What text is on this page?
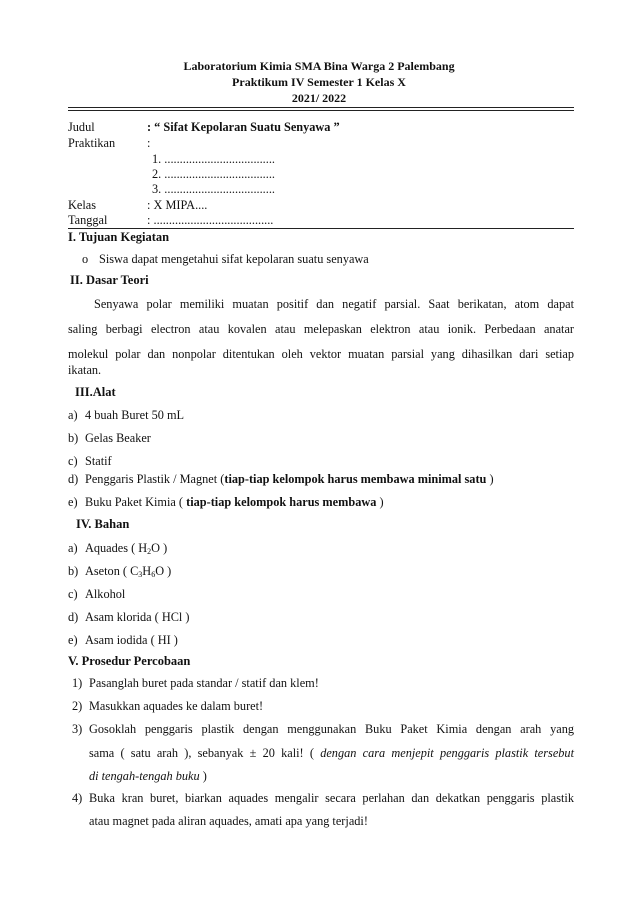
Laboratorium Kimia SMA Bina Warga 2 Palembang
Praktikum IV Semester 1 Kelas X
2021/ 2022
Judul	: “ Sifat Kepolaran Suatu Senyawa ”
Praktikan	:
1. ....................................
2. ....................................
3. ....................................
Kelas	: X MIPA....
Tanggal	: .......................................
I. Tujuan Kegiatan
o Siswa dapat mengetahui sifat kepolaran suatu senyawa
II. Dasar Teori
Senyawa polar memiliki muatan positif dan negatif parsial. Saat berikatan, atom dapat
saling berbagi electron atau kovalen atau melepaskan elektron atau ionik. Perbedaan anatar
molekul polar dan nonpolar ditentukan oleh vektor muatan parsial yang dihasilkan dari setiap
ikatan.
III.Alat
a) 4 buah Buret 50 mL
b) Gelas Beaker
c) Statif
d) Penggaris Plastik / Magnet (tiap-tiap kelompok harus membawa minimal satu )
e) Buku Paket Kimia ( tiap-tiap kelompok harus membawa )
IV. Bahan
a) Aquades ( $H_2O$ )
b) Aseton ( $C_3H_6O$ )
c) Alkohol
d) Asam klorida ( HCl )
e) Asam iodida ( HI )
V. Prosedur Percobaan
1) Pasanglah buret pada standar / statif dan klem!
2) Masukkan aquades ke dalam buret!
3) Gosoklah penggaris plastik dengan menggunakan Buku Paket Kimia dengan arah yang
sama ( satu arah ), sebanyak ± 20 kali! ( dengan cara menjepit penggaris plastik tersebut
di tengah-tengah buku )
4) Buka kran buret, biarkan aquades mengalir secara perlahan dan dekatkan penggaris plastik
atau magnet pada aliran aquades, amati apa yang terjadi!
